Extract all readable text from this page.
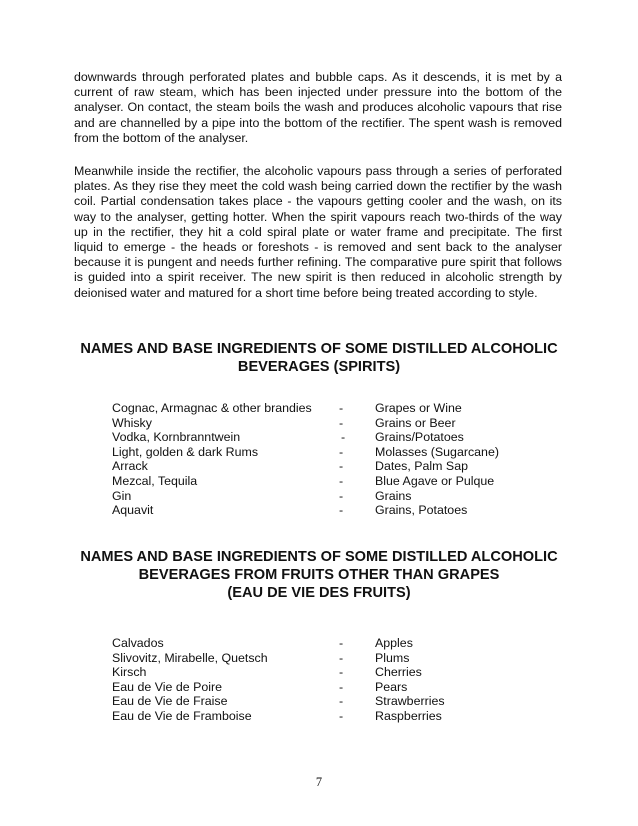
downwards through perforated plates and bubble caps. As it descends, it is met by a current of raw steam, which has been injected under pressure into the bottom of the analyser. On contact, the steam boils the wash and produces alcoholic vapours that rise and are channelled by a pipe into the bottom of the rectifier. The spent wash is removed from the bottom of the analyser.

Meanwhile inside the rectifier, the alcoholic vapours pass through a series of perforated plates. As they rise they meet the cold wash being carried down the rectifier by the wash coil. Partial condensation takes place - the vapours getting cooler and the wash, on its way to the analyser, getting hotter. When the spirit vapours reach two-thirds of the way up in the rectifier, they hit a cold spiral plate or water frame and precipitate. The first liquid to emerge - the heads or foreshots - is removed and sent back to the analyser because it is pungent and needs further refining. The comparative pure spirit that follows is guided into a spirit receiver. The new spirit is then reduced in alcoholic strength by deionised water and matured for a short time before being treated according to style.

NAMES AND BASE INGREDIENTS OF SOME DISTILLED ALCOHOLIC
BEVERAGES (SPIRITS)
Cognac, Armagnac & other brandies -	Grapes or Wine
Whisky	-	Grains or Beer
Vodka, Kornbranntwein	- Grains/Potatoes
Light, golden & dark Rums	-	Molasses (Sugarcane)
Arrack	-	Dates, Palm Sap
Mezcal, Tequila	-	Blue Agave or Pulque
Gin	-	Grains
Aquavit	-	Grains, Potatoes
NAMES AND BASE INGREDIENTS OF SOME DISTILLED ALCOHOLIC
BEVERAGES FROM FRUITS OTHER THAN GRAPES
(EAU DE VIE DES FRUITS)
Calvados	-	Apples
Slivovitz, Mirabelle, Quetsch	-	Plums
Kirsch	-	Cherries
Eau de Vie de Poire	-	Pears
Eau de Vie de Fraise	-	Strawberries
Eau de Vie de Framboise	-	Raspberries
7
